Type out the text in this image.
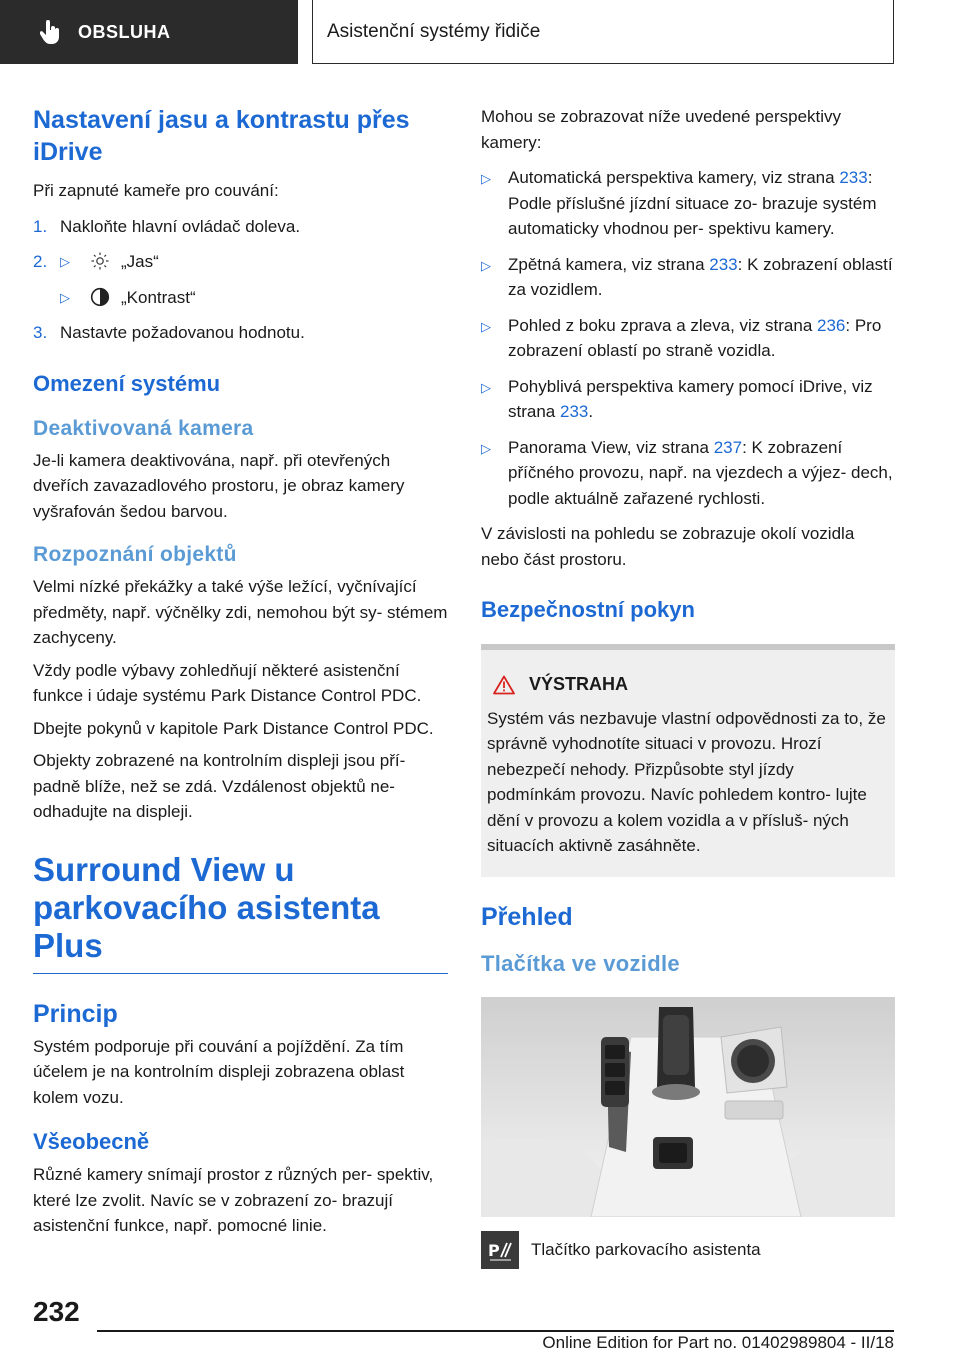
OBSLUHA	Asistenční systémy řidiče
Nastavení jasu a kontrastu přes iDrive

Při zapnuté kameře pro couvání:

1. Nakloňte hlavní ovládač doleva.
2. ▷	„Jas“
▷	„Kontrast“
3. Nastavte požadovanou hodnotu.
Omezení systému
Deaktivovaná kamera

Je-li kamera deaktivována, např. při otevřených dveřích zavazadlového prostoru, je obraz kamery vyšrafován šedou barvou.

Rozpoznání objektů

Velmi nízké překážky a také výše ležící, vyčnívající předměty, např. výčnělky zdi, nemohou být sy- stémem zachyceny.

Vždy podle výbavy zohledňují některé asistenční funkce i údaje systému Park Distance Control PDC.

Dbejte pokynů v kapitole Park Distance Control PDC.

Objekty zobrazené na kontrolním displeji jsou pří- padně blíže, než se zdá. Vzdálenost objektů ne- odhadujte na displeji.

Surround View u parkovacího asistenta Plus
Princip

Systém podporuje při couvání a pojíždění. Za tím účelem je na kontrolním displeji zobrazena oblast kolem vozu.

Všeobecně

Různé kamery snímají prostor z různých per- spektiv, které lze zvolit. Navíc se v zobrazení zo- brazují asistenční funkce, např. pomocné linie.

Mohou se zobrazovat níže uvedené perspektivy kamery:

▷	Automatická perspektiva kamery, viz strana 233: Podle příslušné jízdní situace zo- brazuje systém automaticky vhodnou per- spektivu kamery.
▷	Zpětná kamera, viz strana 233: K zobrazení oblastí za vozidlem.
▷	Pohled z boku zprava a zleva, viz strana 236: Pro zobrazení oblastí po straně vozidla.
▷	Pohyblivá perspektiva kamery pomocí iDrive, viz strana 233.
▷	Panorama View, viz strana 237: K zobrazení příčného provozu, např. na vjezdech a výjez- dech, podle aktuálně zařazené rychlosti.

V závislosti na pohledu se zobrazuje okolí vozidla nebo část prostoru.

Bezpečnostní pokyn
VÝSTRAHA

Systém vás nezbavuje vlastní odpovědnosti za to, že správně vyhodnotíte situaci v provozu. Hrozí nebezpečí nehody. Přizpůsobte styl jízdy podmínkám provozu. Navíc pohledem kontro- lujte dění v provozu a kolem vozidla a v přísluš- ných situacích aktivně zasáhněte.

Přehled
Tlačítka ve vozidle
P Tlačítko parkovacího asistenta
232
Online Edition for Part no. 01402989804 - II/18
